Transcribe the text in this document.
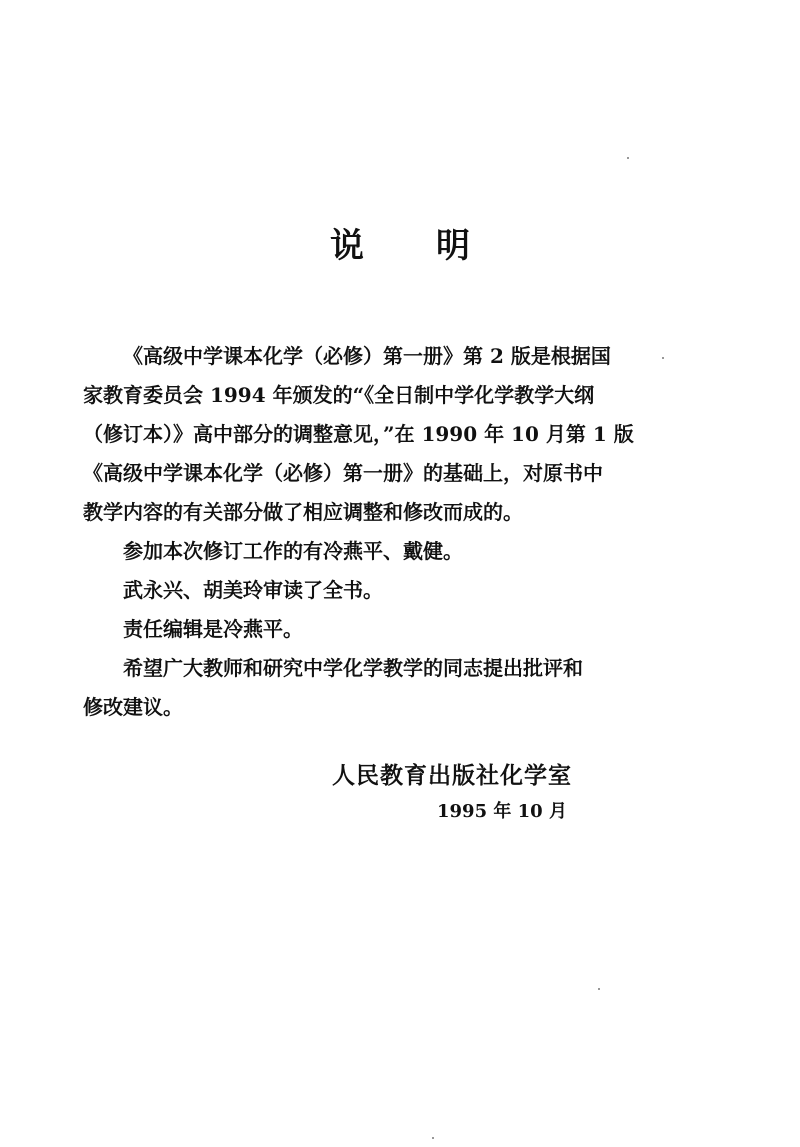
说 明
《高级中学课本化学（必修）第一册》第 2 版是根据国
家教育委员会 1994 年颁发的“《全日制中学化学教学大纲
（修订本）》高中部分的调整意见，”在 1990 年 10 月第 1 版
《高级中学课本化学（必修）第一册》的基础上，对原书中
教学内容的有关部分做了相应调整和修改而成的。
参加本次修订工作的有冷燕平、戴健。
武永兴、胡美玲审读了全书。
责任编辑是冷燕平。
希望广大教师和研究中学化学教学的同志提出批评和
修改建议。
人民教育出版社化学室
1995 年 10 月
